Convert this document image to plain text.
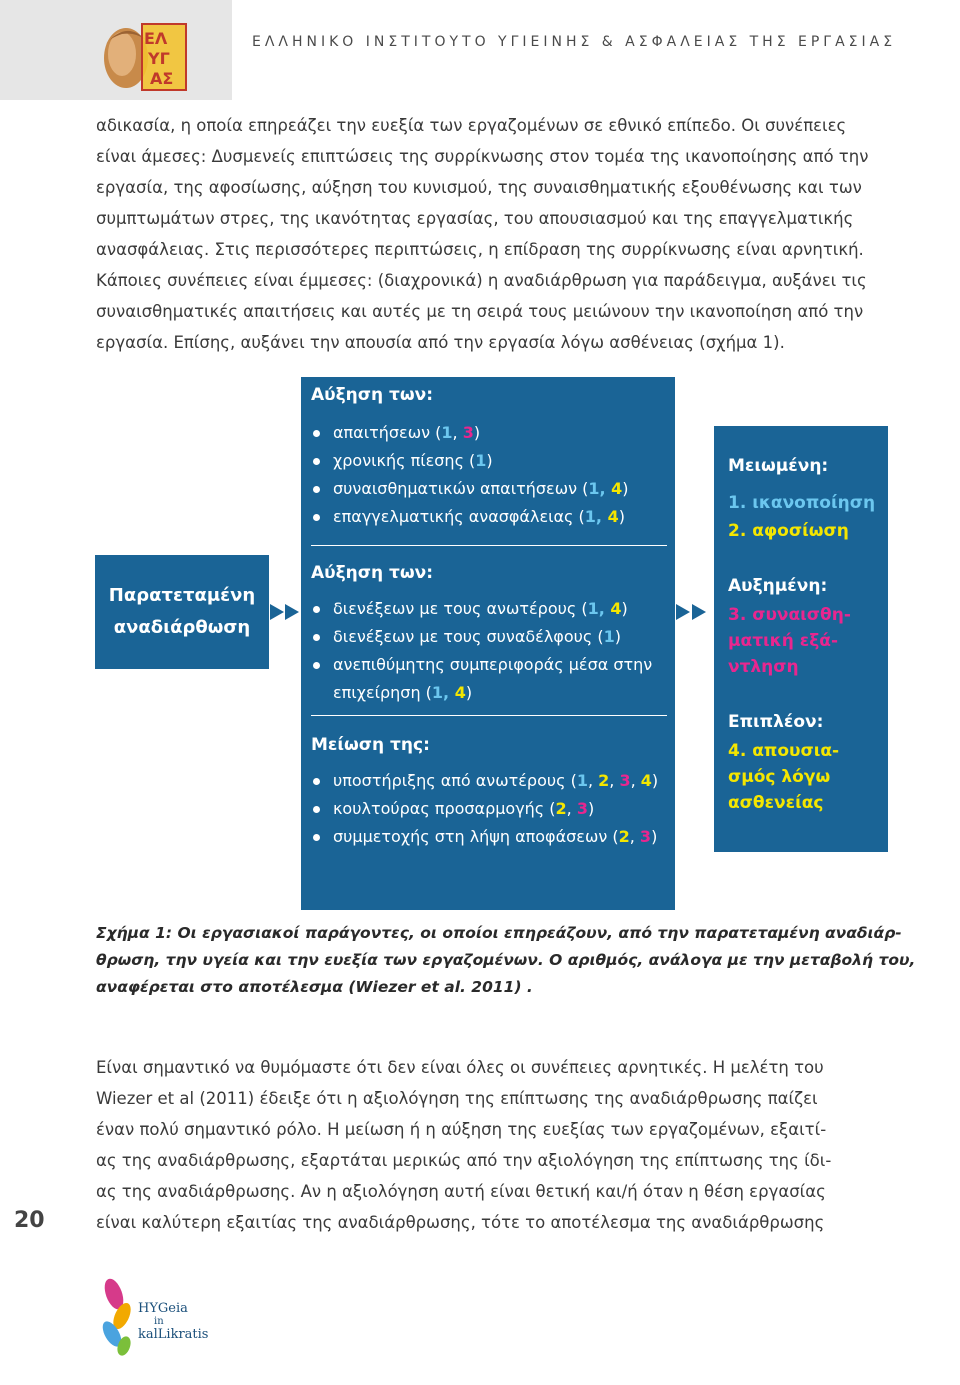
ΕΛ
ΥΓ
ΑΣ
ΕΛΛΗΝΙΚΟ ΙΝΣΤΙΤΟΥΤΟ ΥΓΙΕΙΝΗΣ & ΑΣΦΑΛΕΙΑΣ ΤΗΣ ΕΡΓΑΣΙΑΣ
αδικασία, η οποία επηρεάζει την ευεξία των εργαζομένων σε εθνικό επίπεδο. Οι συνέπειες
είναι άμεσες: Δυσμενείς επιπτώσεις της συρρίκνωσης στον τομέα της ικανοποίησης από την
εργασία, της αφοσίωσης, αύξηση του κυνισμού, της συναισθηματικής εξουθένωσης και των
συμπτωμάτων στρες, της ικανότητας εργασίας, του απουσιασμού και της επαγγελματικής
ανασφάλειας. Στις περισσότερες περιπτώσεις, η επίδραση της συρρίκνωσης είναι αρνητική.
Κάποιες συνέπειες είναι έμμεσες: (διαχρονικά) η αναδιάρθρωση για παράδειγμα, αυξάνει τις
συναισθηματικές απαιτήσεις και αυτές με τη σειρά τους μειώνουν την ικανοποίηση από την
εργασία. Επίσης, αυξάνει την απουσία από την εργασία λόγω ασθένειας (σχήμα 1).
Παρατεταμένη
αναδιάρθωση
Αύξηση των:
απαιτήσεων (1, 3)
χρονικής πίεσης (1)
συναισθηματικών απαιτήσεων (1, 4)
επαγγελματικής ανασφάλειας (1, 4)
Αύξηση των:
διενέξεων με τους ανωτέρους (1, 4)
διενέξεων με τους συναδέλφους (1)
ανεπιθύμητης συμπεριφοράς μέσα στην επιχείρηση (1, 4)
Μείωση της:
υποστήριξης από ανωτέρους (1, 2, 3, 4)
κουλτούρας προσαρμογής (2, 3)
συμμετοχής στη λήψη αποφάσεων (2, 3)
Μειωμένη:
1. ικανοποίηση
2. αφοσίωση
Αυξημένη:
3. συναισθη-
ματική εξά-
ντληση
Επιπλέον:
4. απουσια-
σμός λόγω
ασθενείας
Σχήμα 1: Οι εργασιακοί παράγοντες, οι οποίοι επηρεάζουν, από την παρατεταμένη αναδιάρ-
θρωση, την υγεία και την ευεξία των εργαζομένων. Ο αριθμός, ανάλογα με την μεταβολή του,
αναφέρεται στο αποτέλεσμα (Wiezer et al. 2011) .
Είναι σημαντικό να θυμόμαστε ότι δεν είναι όλες οι συνέπειες αρνητικές. Η μελέτη του
Wiezer et al (2011) έδειξε ότι η αξιολόγηση της επίπτωσης της αναδιάρθρωσης παίζει
έναν πολύ σημαντικό ρόλο. Η μείωση ή η αύξηση της ευεξίας των εργαζομένων, εξαιτί-
ας της αναδιάρθρωσης, εξαρτάται μερικώς από την αξιολόγηση της επίπτωσης της ίδι-
ας της αναδιάρθρωσης. Αν η αξιολόγηση αυτή είναι θετική και/ή όταν η θέση εργασίας
είναι καλύτερη εξαιτίας της αναδιάρθρωσης, τότε το αποτέλεσμα της αναδιάρθρωσης
20
HYGeia
in
kalLikratis
